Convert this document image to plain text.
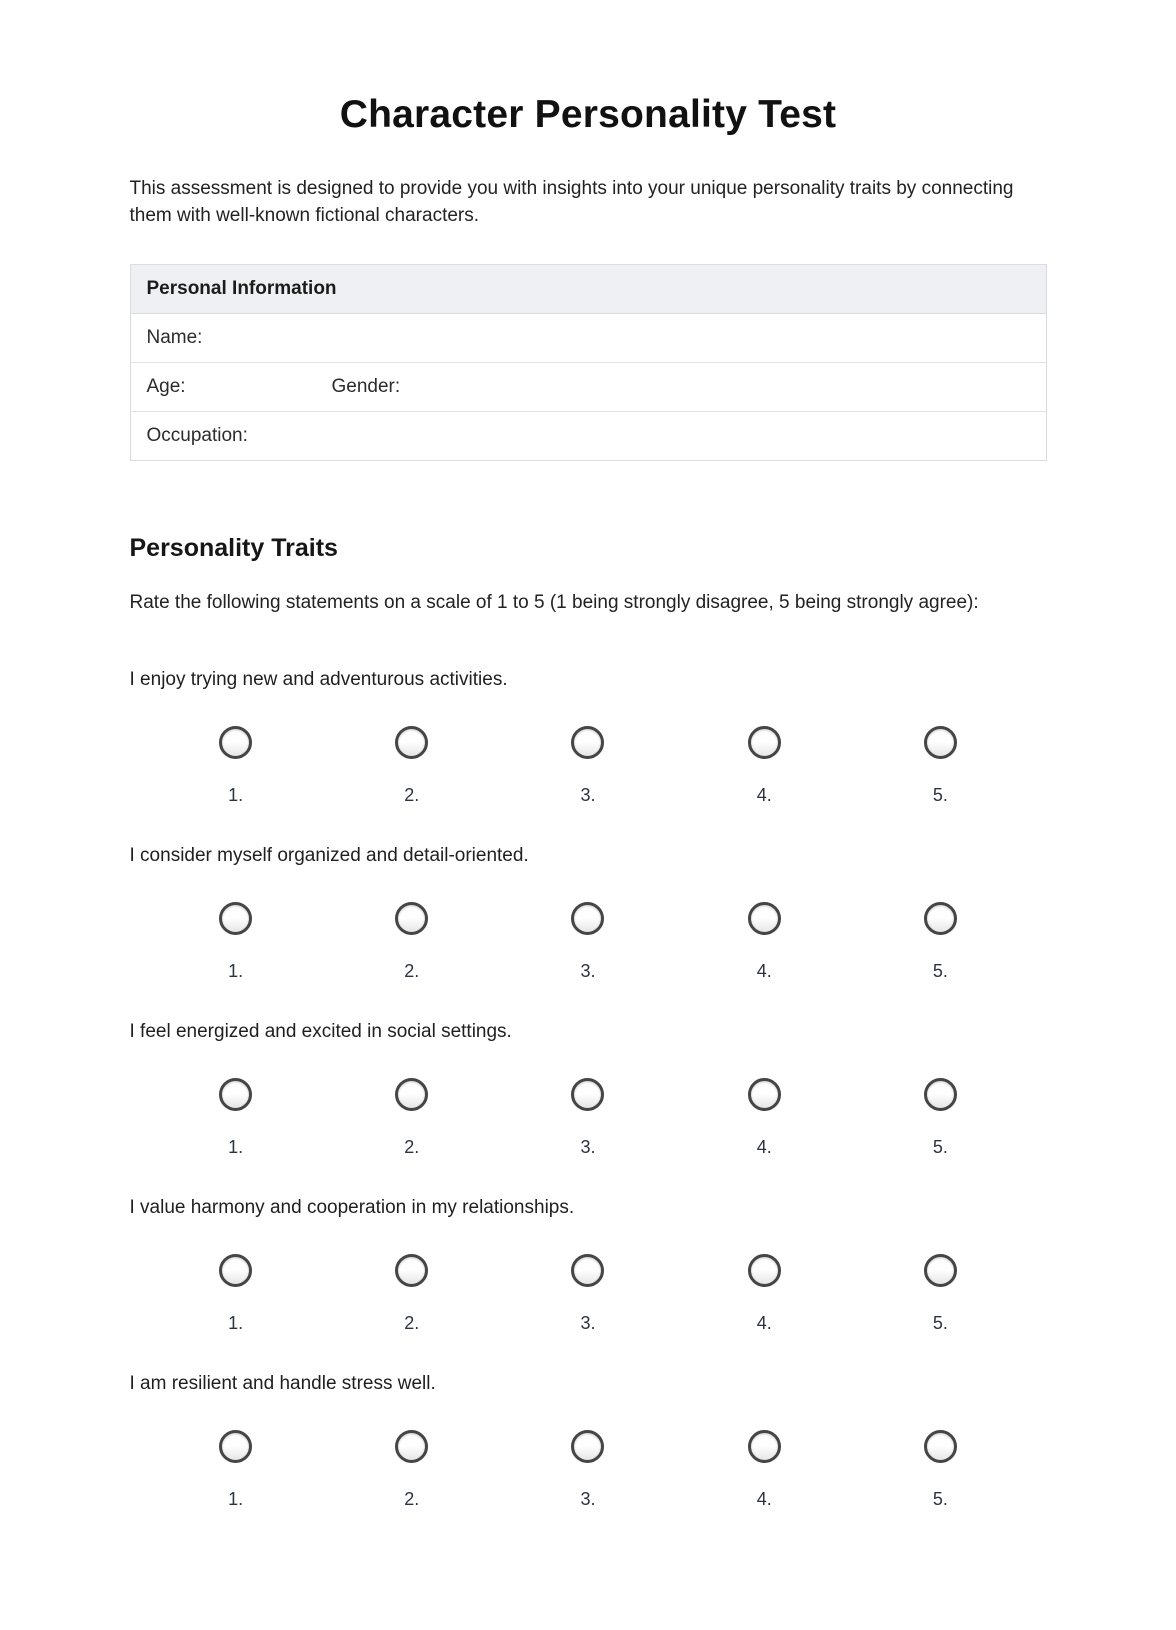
Character Personality Test

This assessment is designed to provide you with insights into your unique personality traits by connecting them with well-known fictional characters.

Personal Information
Name:
Age:	Gender:
Occupation:
Personality Traits

Rate the following statements on a scale of 1 to 5 (1 being strongly disagree, 5 being strongly agree):

I enjoy trying new and adventurous activities.

1.	2.	3.	4.	5.

I consider myself organized and detail-oriented.

1.	2.	3.	4.	5.

I feel energized and excited in social settings.

1.	2.	3.	4.	5.

I value harmony and cooperation in my relationships.

1.	2.	3.	4.	5.

I am resilient and handle stress well.

1.	2.	3.	4.	5.
